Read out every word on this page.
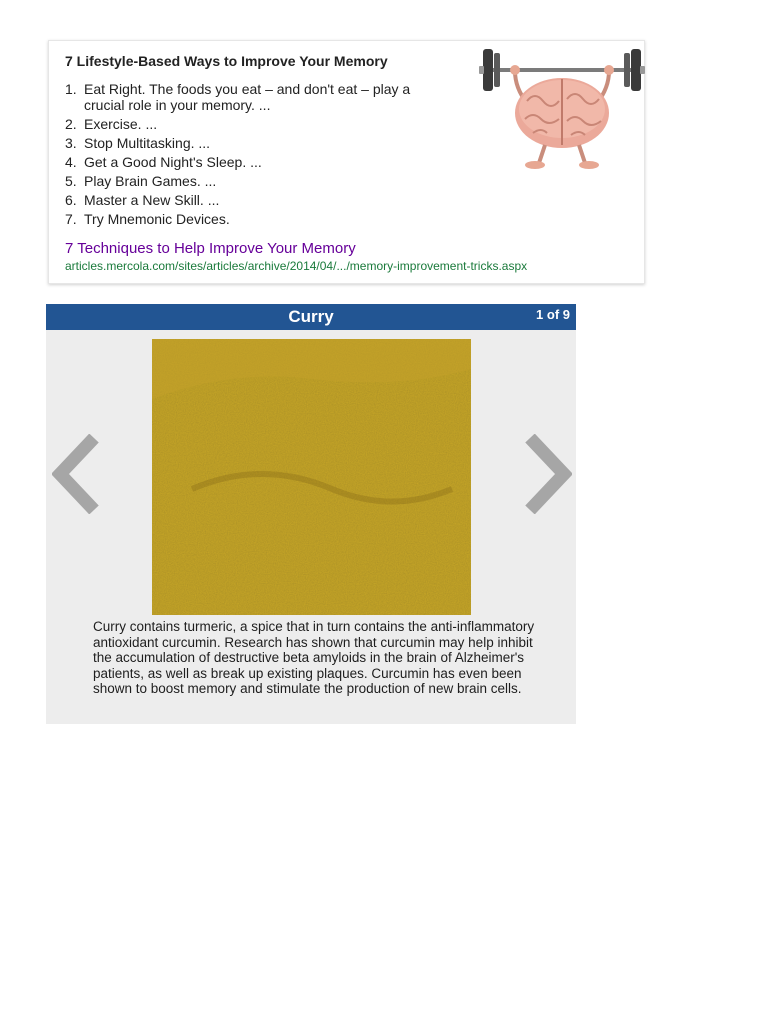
7 Lifestyle-Based Ways to Improve Your Memory
1. Eat Right. The foods you eat – and don't eat – play a crucial role in your memory. ...
2. Exercise. ...
3. Stop Multitasking. ...
4. Get a Good Night's Sleep. ...
5. Play Brain Games. ...
6. Master a New Skill. ...
7. Try Mnemonic Devices.
7 Techniques to Help Improve Your Memory
articles.mercola.com/sites/articles/archive/2014/04/.../memory-improvement-tricks.aspx
Curry	1 of 9

Curry contains turmeric, a spice that in turn contains the anti-inflammatory antioxidant curcumin. Research has shown that curcumin may help inhibit the accumulation of destructive beta amyloids in the brain of Alzheimer's patients, as well as break up existing plaques. Curcumin has even been shown to boost memory and stimulate the production of new brain cells.
